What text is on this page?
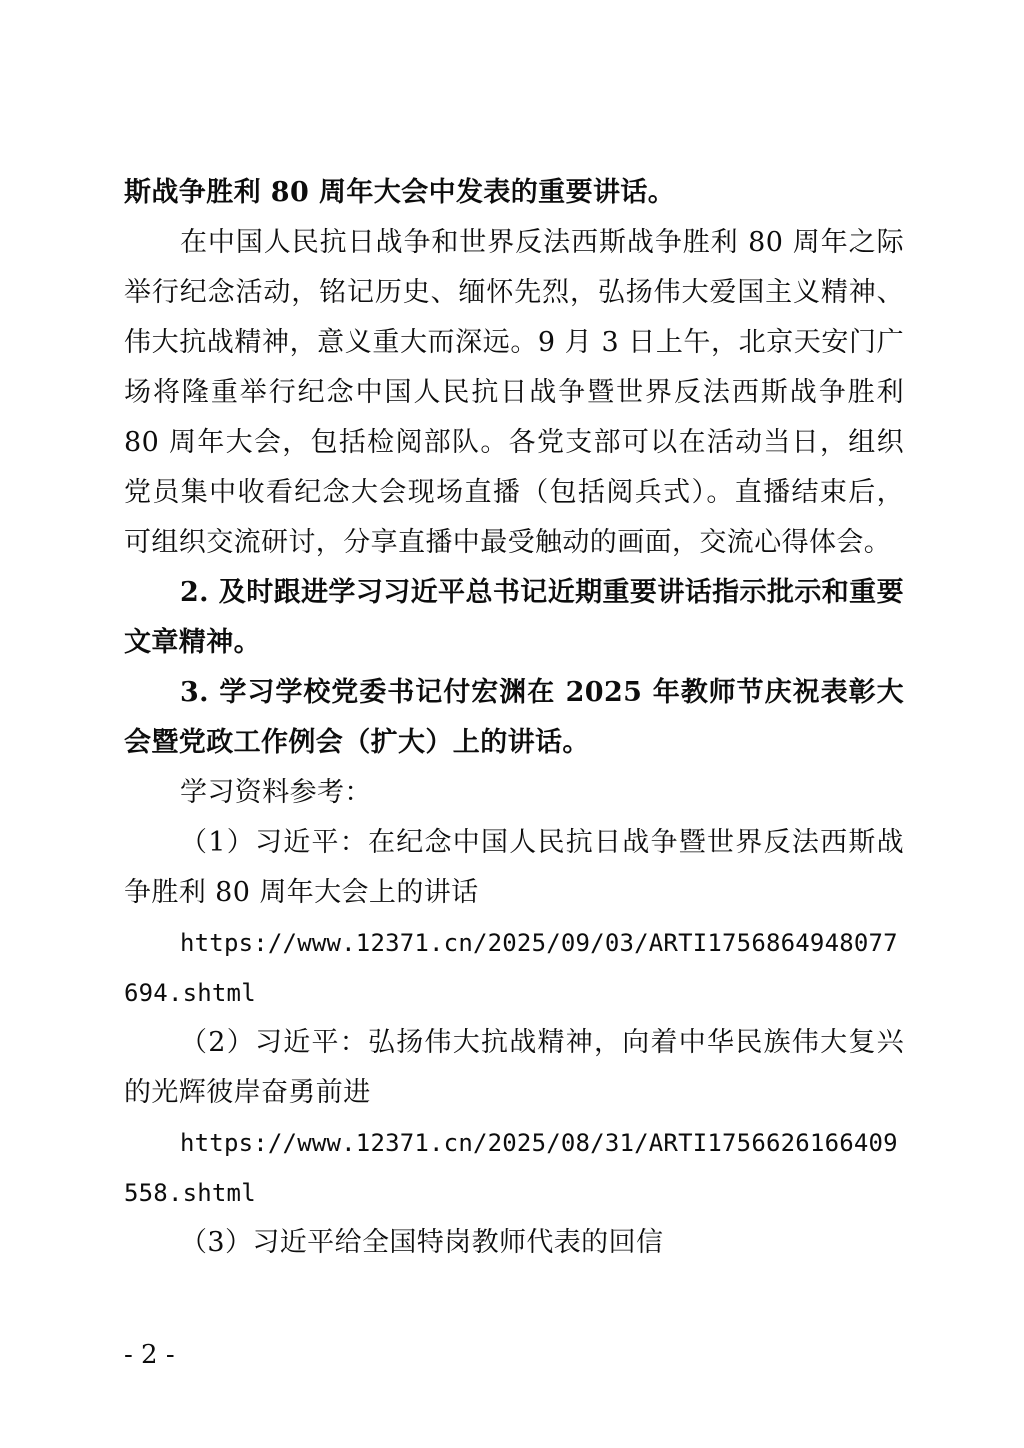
斯战争胜利 80 周年大会中发表的重要讲话。

在中国人民抗日战争和世界反法西斯战争胜利 80 周年之际举行纪念活动，铭记历史、缅怀先烈，弘扬伟大爱国主义精神、伟大抗战精神，意义重大而深远。9 月 3 日上午，北京天安门广场将隆重举行纪念中国人民抗日战争暨世界反法西斯战争胜利 80 周年大会，包括检阅部队。各党支部可以在活动当日，组织党员集中收看纪念大会现场直播（包括阅兵式）。直播结束后，可组织交流研讨，分享直播中最受触动的画面，交流心得体会。

2. 及时跟进学习习近平总书记近期重要讲话指示批示和重要文章精神。

3. 学习学校党委书记付宏渊在 2025 年教师节庆祝表彰大会暨党政工作例会（扩大）上的讲话。

学习资料参考：

（1）习近平：在纪念中国人民抗日战争暨世界反法西斯战争胜利 80 周年大会上的讲话

https://www.12371.cn/2025/09/03/ARTI1756864948077694.shtml

（2）习近平：弘扬伟大抗战精神，向着中华民族伟大复兴的光辉彼岸奋勇前进

https://www.12371.cn/2025/08/31/ARTI1756626166409558.shtml

（3）习近平给全国特岗教师代表的回信

- 2 -
